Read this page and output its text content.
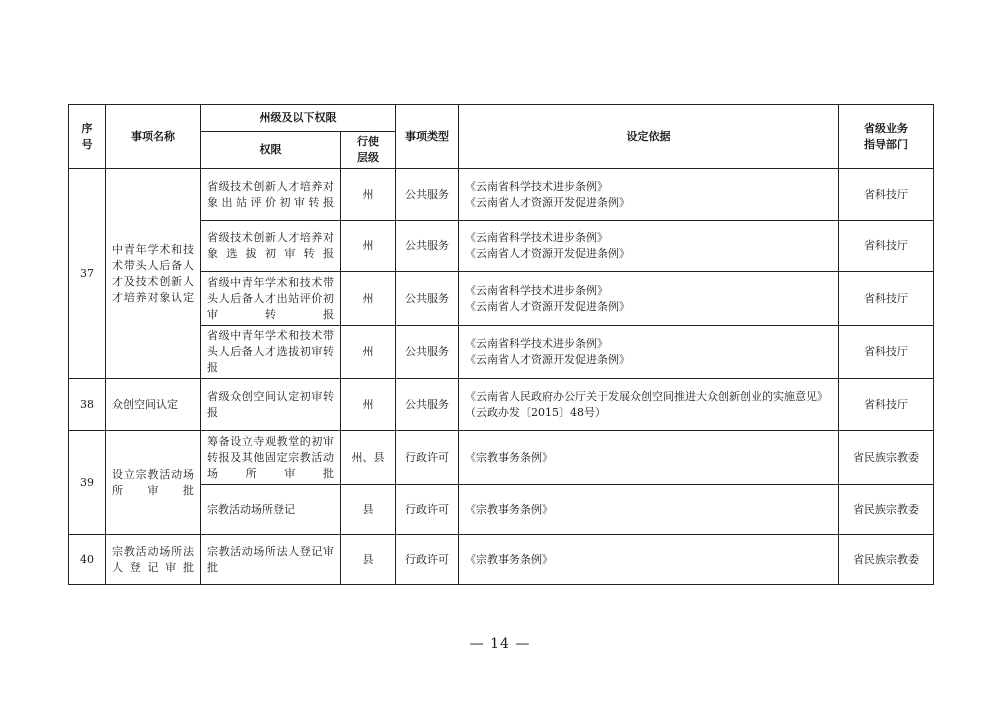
序号	事项名称	州级及以下权限		事项类型	设定依据	省级业务指导部门
		权限	行使层级			
37	中青年学术和技术带头人后备人才及技术创新人才培养对象认定	省级技术创新人才培养对象出站评价初审转报	州	公共服务	《云南省科学技术进步条例》
《云南省人才资源开发促进条例》	省科技厅
		省级技术创新人才培养对象选拔初审转报	州	公共服务	《云南省科学技术进步条例》
《云南省人才资源开发促进条例》	省科技厅
		省级中青年学术和技术带头人后备人才出站评价初审转报	州	公共服务	《云南省科学技术进步条例》
《云南省人才资源开发促进条例》	省科技厅
		省级中青年学术和技术带头人后备人才选拔初审转报	州	公共服务	《云南省科学技术进步条例》
《云南省人才资源开发促进条例》	省科技厅
38	众创空间认定	省级众创空间认定初审转报	州	公共服务	《云南省人民政府办公厅关于发展众创空间推进大众创新创业的实施意见》（云政办发〔2015〕48号）	省科技厅
39	设立宗教活动场所审批	筹备设立寺观教堂的初审转报及其他固定宗教活动场所审批	州、县	行政许可	《宗教事务条例》	省民族宗教委
		宗教活动场所登记	县	行政许可	《宗教事务条例》	省民族宗教委
40	宗教活动场所法人登记审批	宗教活动场所法人登记审批	县	行政许可	《宗教事务条例》	省民族宗教委
— 14 —
